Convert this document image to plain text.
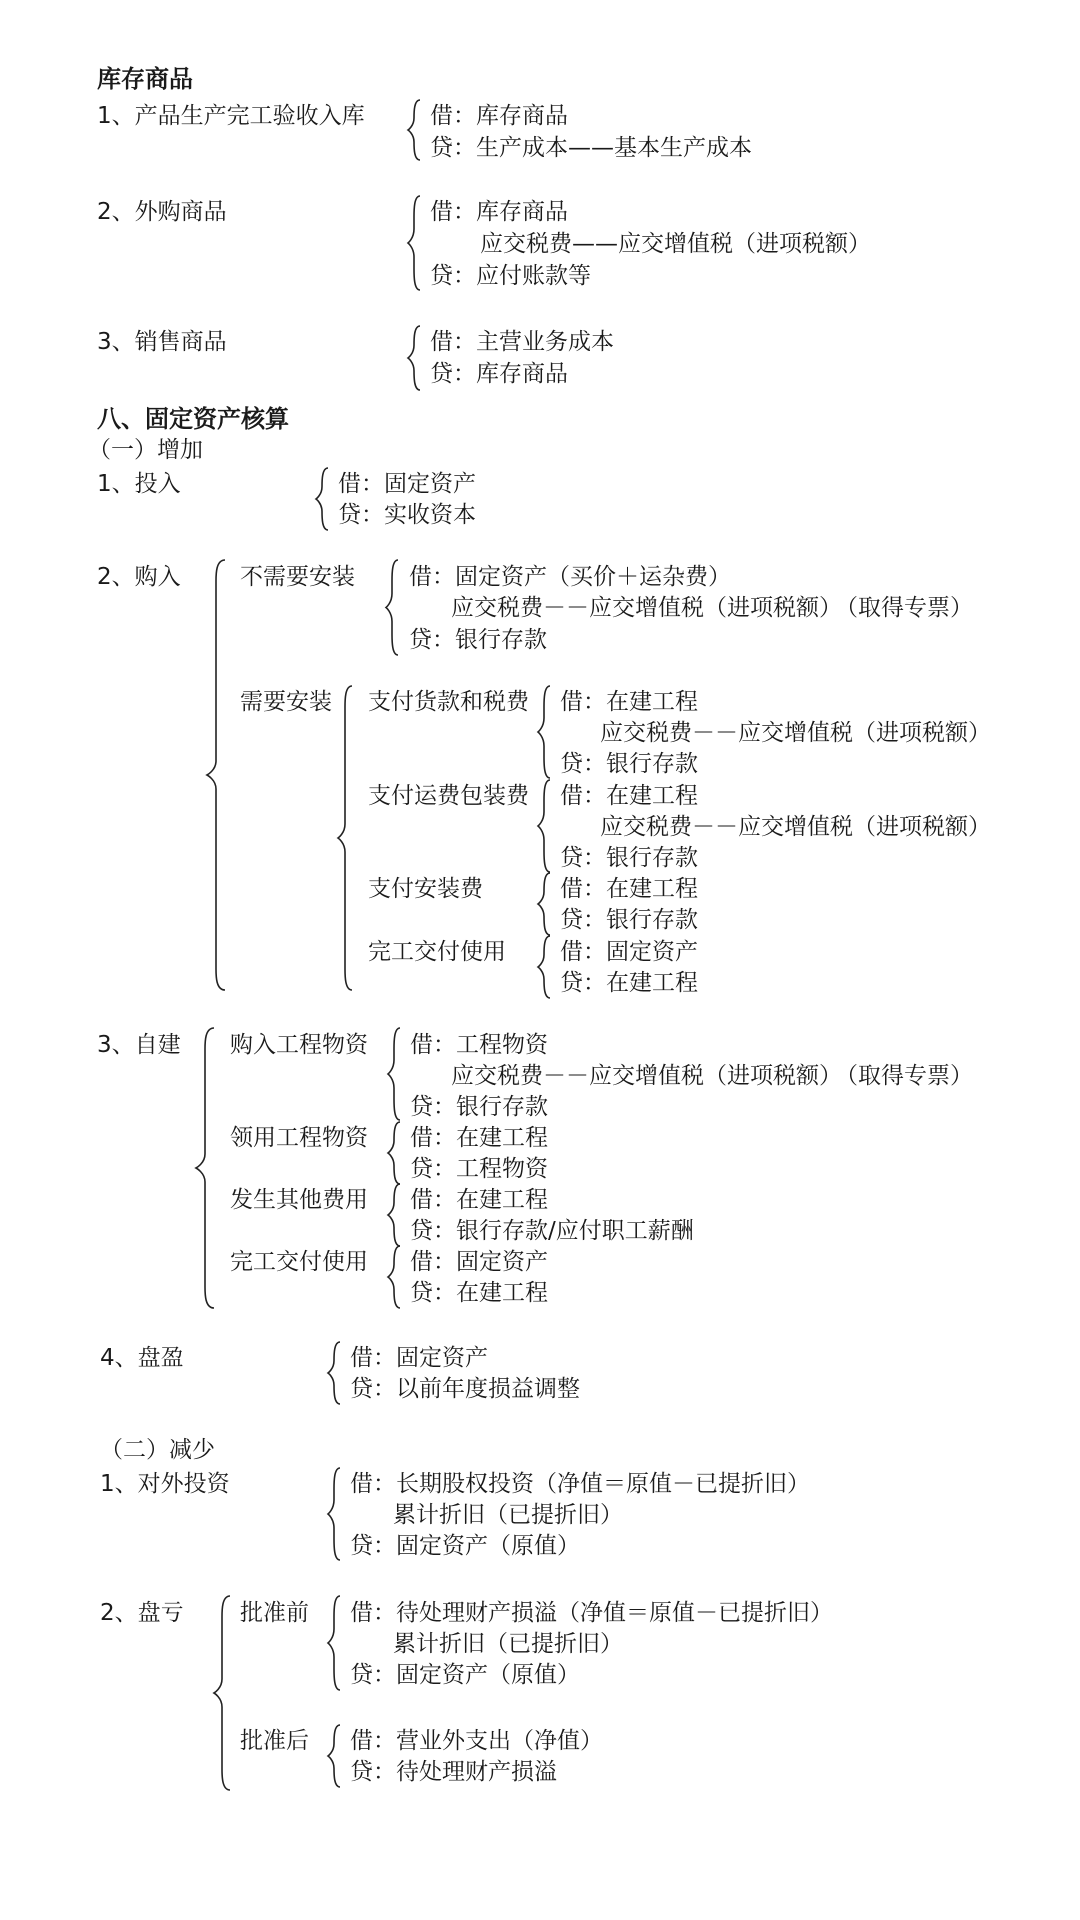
库存商品
1、产品生产完工验收入库	借：库存商品
贷：生产成本——基本生产成本
2、外购商品	借：库存商品
应交税费——应交增值税（进项税额）
贷：应付账款等
3、销售商品	借：主营业务成本
贷：库存商品
八、固定资产核算
（一）增加
1、投入	借：固定资产
贷：实收资本
2、购入	不需要安装 借：固定资产（买价＋运杂费）
应交税费－－应交增值税（进项税额）
（取得专票）
贷：银行存款
需要安装 支付货款和税费 借：在建工程
应交税费－－应交增值税（进项税额）
贷：银行存款
支付运费包装费 借：在建工程
应交税费－－应交增值税（进项税额）
贷：银行存款
支付安装费	借：在建工程
贷：银行存款
完工交付使用 借：固定资产
贷：在建工程
3、自建 购入工程物资 借：工程物资
应交税费－－应交增值税（进项税额）
（取得专票）
贷：银行存款
领用工程物资 借：在建工程
贷：工程物资
发生其他费用 借：在建工程
贷：银行存款/应付职工薪酬
完工交付使用 借：固定资产
贷：在建工程
4、盘盈	借：固定资产
贷：以前年度损益调整
（二）减少
1、对外投资	借：长期股权投资（净值＝原值－已提折旧）
累计折旧（已提折旧）
贷：固定资产（原值）
2、盘亏 批准前 借：待处理财产损溢（净值＝原值－已提折旧）
累计折旧（已提折旧）
贷：固定资产（原值）
批准后 借：营业外支出（净值）
贷：待处理财产损溢
